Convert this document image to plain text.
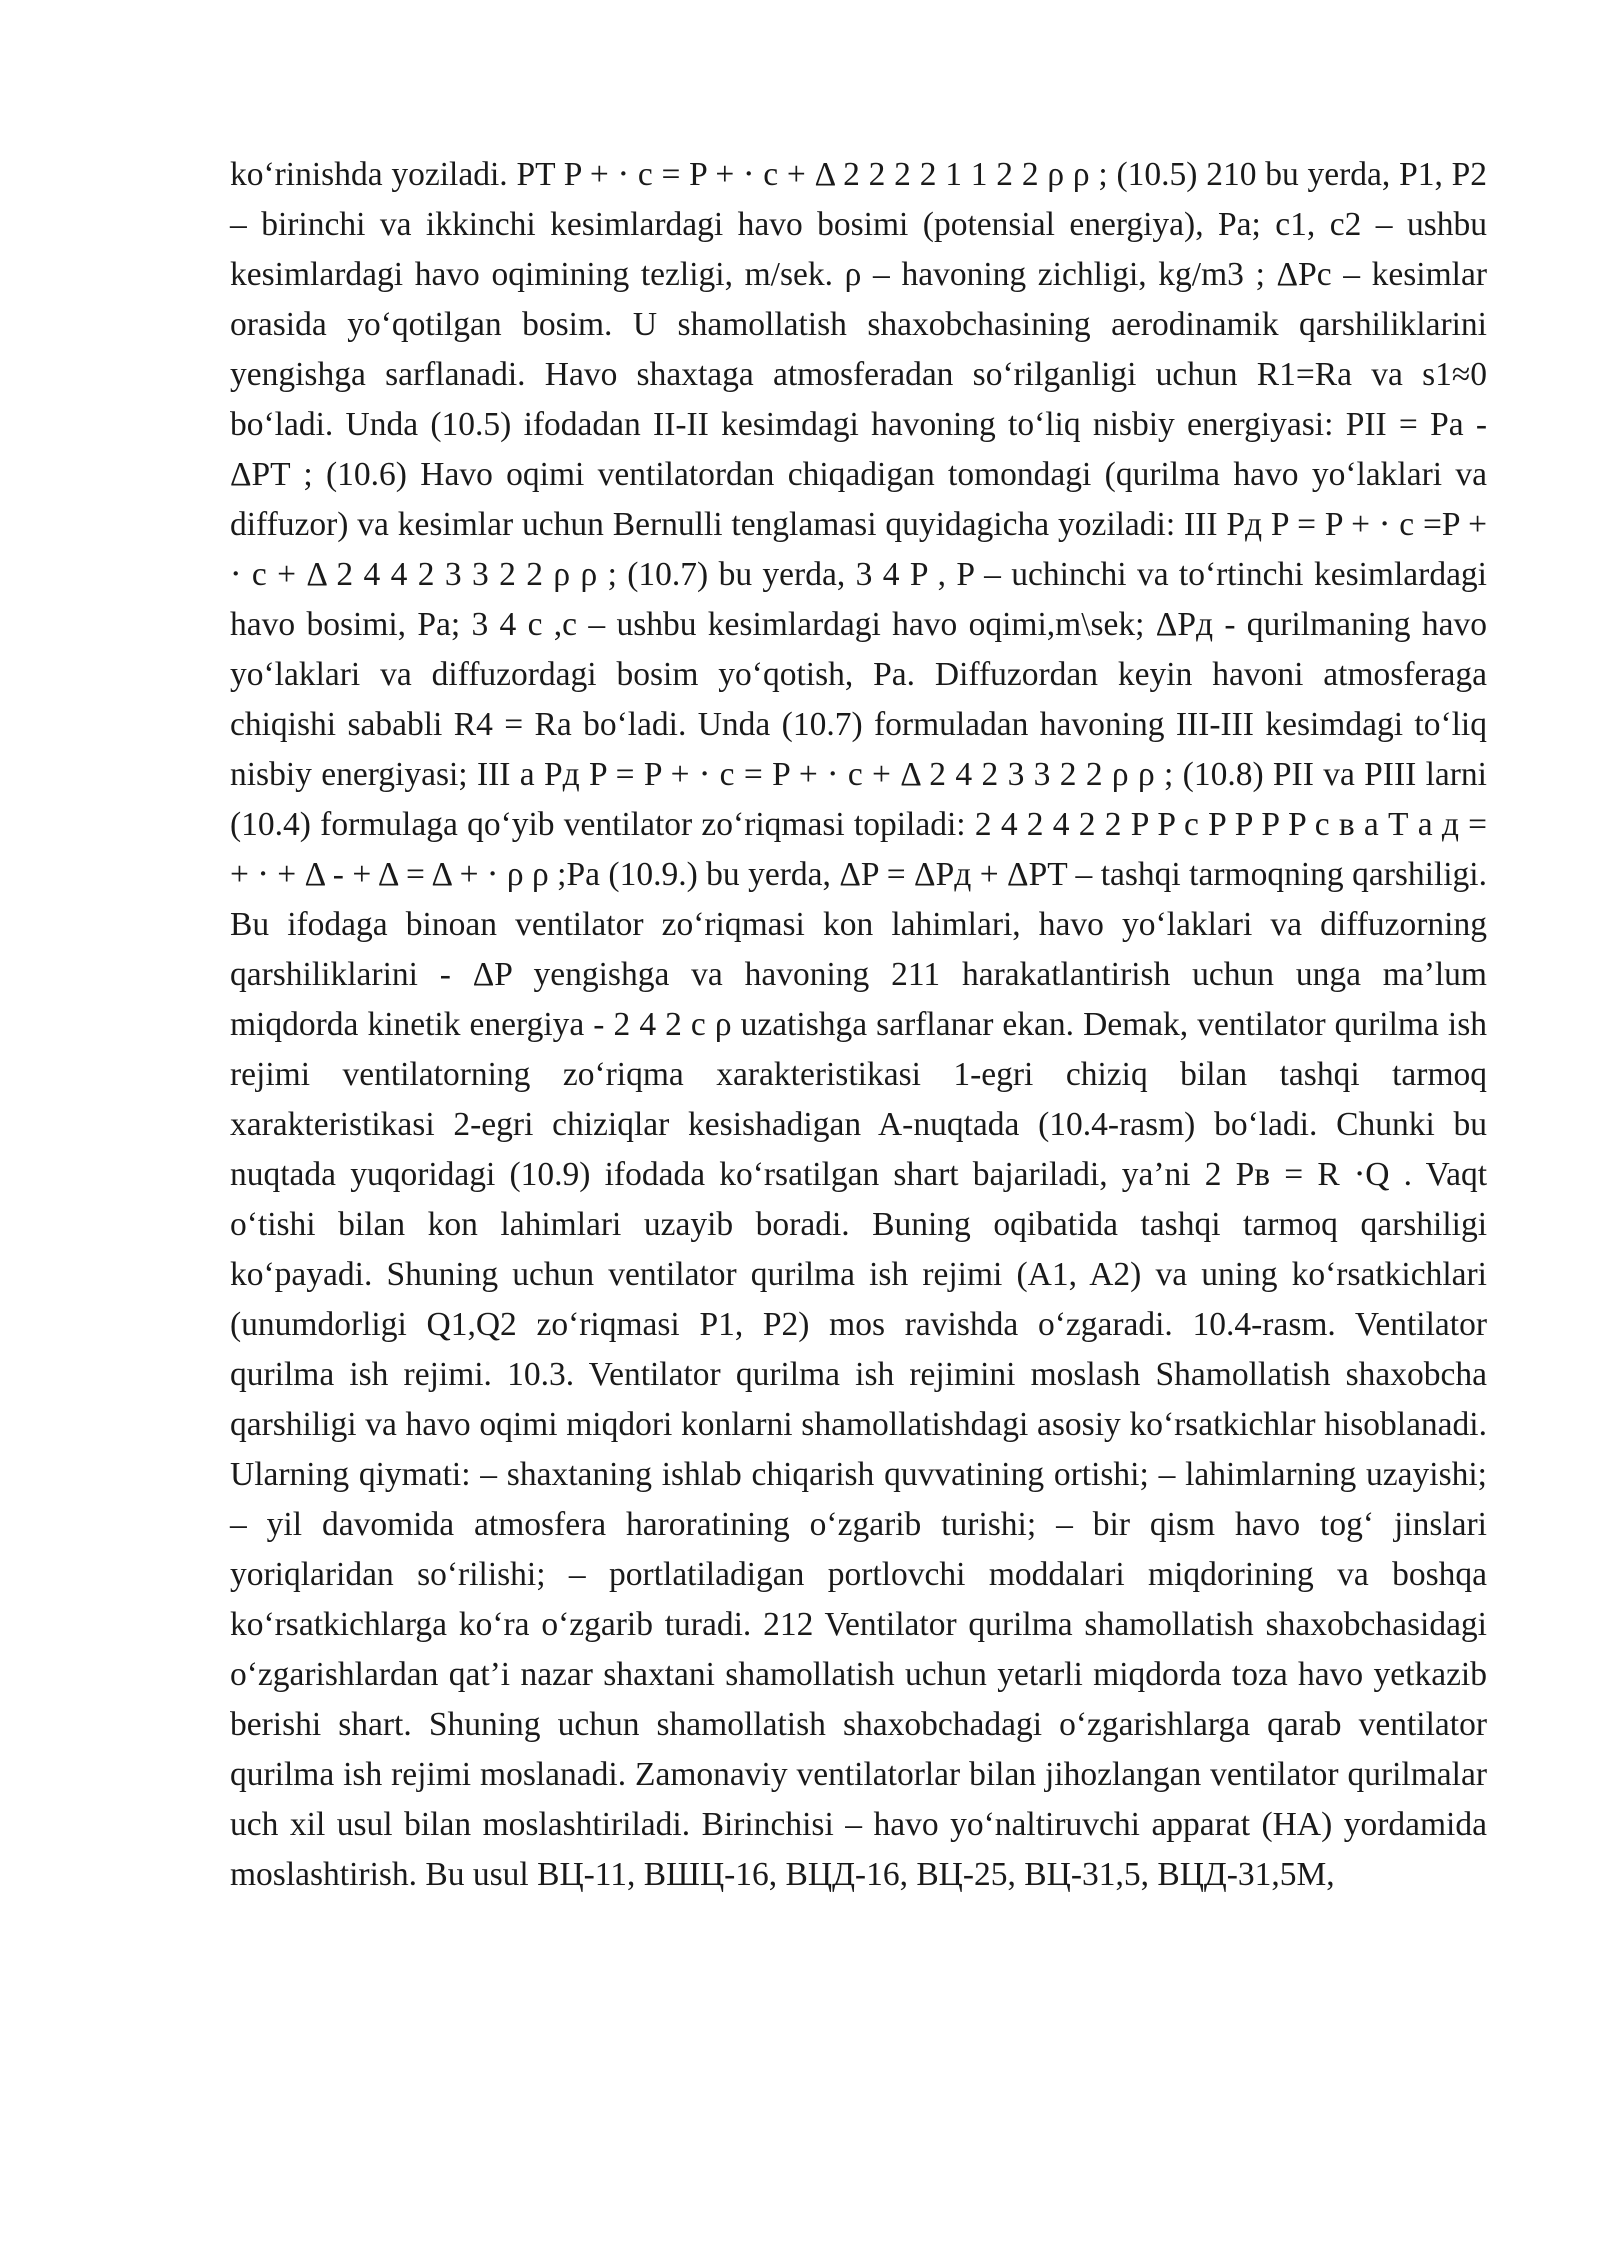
ko‘rinishda yoziladi. PT P + ⋅ c = P + ⋅ c + Δ 2 2 2 2 1 1 2 2 ρ ρ ; (10.5) 210 bu yerda, P1, P2 – birinchi va ikkinchi kesimlardagi havo bosimi (potensial energiya), Pa; c1, c2 – ushbu kesimlardagi havo oqimining tezligi, m/sek. ρ – havoning zichligi, kg/m3 ; ΔPc – kesimlar orasida yo‘qotilgan bosim. U shamollatish shaxobchasining aerodinamik qarshiliklarini yengishga sarflanadi. Havo shaxtaga atmosferadan so‘rilganligi uchun R1=Ra va s1≈0 bo‘ladi. Unda (10.5) ifodadan II-II kesimdagi havoning to‘liq nisbiy energiyasi: PII = Pa - ΔPT ; (10.6) Havo oqimi ventilatordan chiqadigan tomondagi (qurilma havo yo‘laklari va diffuzor) va kesimlar uchun Bernulli tenglamasi quyidagicha yoziladi: III Pд P = P + ⋅ c =P + ⋅ c + Δ 2 4 4 2 3 3 2 2 ρ ρ ; (10.7) bu yerda, 3 4 P , P – uchinchi va to‘rtinchi kesimlardagi havo bosimi, Pa; 3 4 c ,c – ushbu kesimlardagi havo oqimi,m\sek; ΔPд - qurilmaning havo yo‘laklari va diffuzordagi bosim yo‘qotish, Pa. Diffuzordan keyin havoni atmosferaga chiqishi sababli R4 = Ra bo‘ladi. Unda (10.7) formuladan havoning III-III kesimdagi to‘liq nisbiy energiyasi; III a Pд P = P + ⋅ c = P + ⋅ c + Δ 2 4 2 3 3 2 2 ρ ρ ; (10.8) PII va PIII larni (10.4) formulaga qo‘yib ventilator zo‘riqmasi topiladi: 2 4 2 4 2 2 P P c P P P P c в а Т а д = + ⋅ + Δ - + Δ = Δ + ⋅ ρ ρ ;Pa (10.9.) bu yerda, ΔP = ΔPд + ΔPT – tashqi tarmoqning qarshiligi. Bu ifodaga binoan ventilator zo‘riqmasi kon lahimlari, havo yo‘laklari va diffuzorning qarshiliklarini - ΔP yengishga va havoning 211 harakatlantirish uchun unga ma’lum miqdorda kinetik energiya - 2 4 2 c ρ uzatishga sarflanar ekan. Demak, ventilator qurilma ish rejimi ventilatorning zo‘riqma xarakteristikasi 1-egri chiziq bilan tashqi tarmoq xarakteristikasi 2-egri chiziqlar kesishadigan A-nuqtada (10.4-rasm) bo‘ladi. Chunki bu nuqtada yuqoridagi (10.9) ifodada ko‘rsatilgan shart bajariladi, ya’ni 2 Pв = R ⋅Q . Vaqt o‘tishi bilan kon lahimlari uzayib boradi. Buning oqibatida tashqi tarmoq qarshiligi ko‘payadi. Shuning uchun ventilator qurilma ish rejimi (A1, A2) va uning ko‘rsatkichlari (unumdorligi Q1,Q2 zo‘riqmasi P1, P2) mos ravishda o‘zgaradi. 10.4-rasm. Ventilator qurilma ish rejimi. 10.3. Ventilator qurilma ish rejimini moslash Shamollatish shaxobcha qarshiligi va havo oqimi miqdori konlarni shamollatishdagi asosiy ko‘rsatkichlar hisoblanadi. Ularning qiymati: – shaxtaning ishlab chiqarish quvvatining ortishi; – lahimlarning uzayishi; – yil davomida atmosfera haroratining o‘zgarib turishi; – bir qism havo tog‘ jinslari yoriqlaridan so‘rilishi; – portlatiladigan portlovchi moddalari miqdorining va boshqa ko‘rsatkichlarga ko‘ra o‘zgarib turadi. 212 Ventilator qurilma shamollatish shaxobchasidagi o‘zgarishlardan qat’i nazar shaxtani shamollatish uchun yetarli miqdorda toza havo yetkazib berishi shart. Shuning uchun shamollatish shaxobchadagi o‘zgarishlarga qarab ventilator qurilma ish rejimi moslanadi. Zamonaviy ventilatorlar bilan jihozlangan ventilator qurilmalar uch xil usul bilan moslashtiriladi. Birinchisi – havo yo‘naltiruvchi apparat (HA) yordamida moslashtirish. Bu usul ВЦ-11, ВШЦ-16, ВЦД-16, ВЦ-25, ВЦ-31,5, ВЦД-31,5М,
